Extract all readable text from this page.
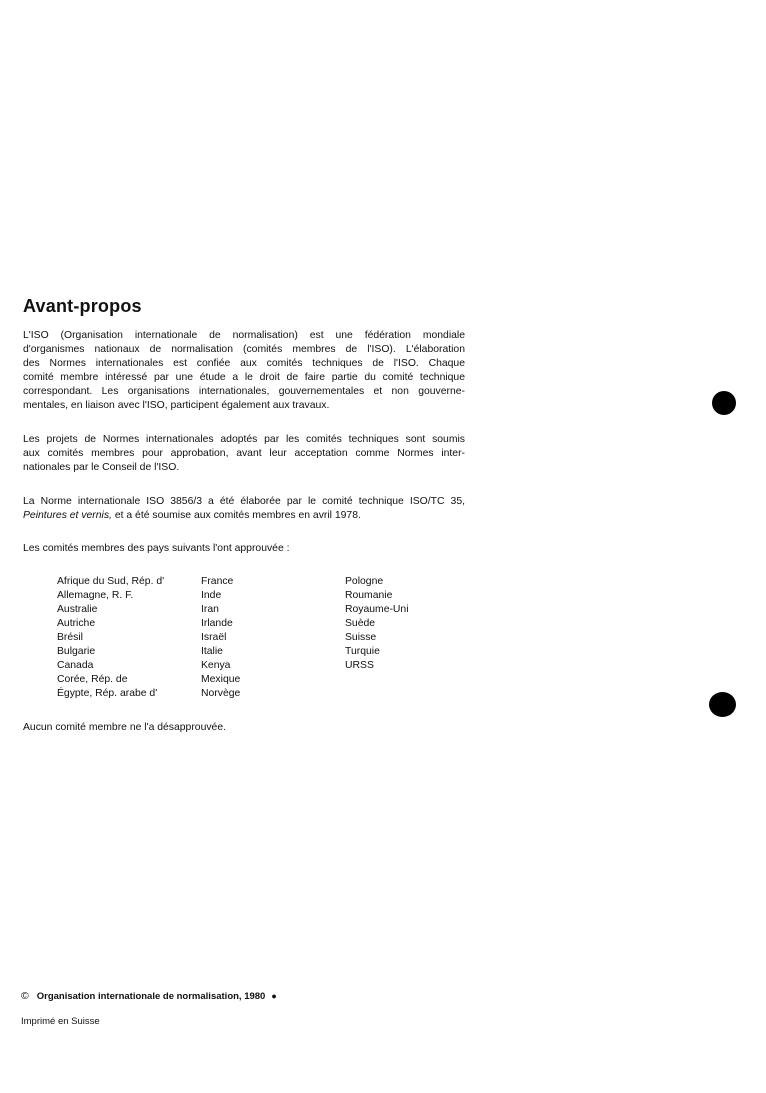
Avant-propos

L'ISO (Organisation internationale de normalisation) est une fédération mondiale
d'organismes nationaux de normalisation (comités membres de l'ISO). L'élaboration
des Normes internationales est confiée aux comités techniques de l'ISO. Chaque
comité membre intéressé par une étude a le droit de faire partie du comité technique
correspondant. Les organisations internationales, gouvernementales et non gouverne-
mentales, en liaison avec l'ISO, participent également aux travaux.

Les projets de Normes internationales adoptés par les comités techniques sont soumis
aux comités membres pour approbation, avant leur acceptation comme Normes inter-
nationales par le Conseil de l'ISO.

La Norme internationale ISO 3856/3 a été élaborée par le comité technique ISO/TC 35,
Peintures et vernis, et a été soumise aux comités membres en avril 1978.

Les comités membres des pays suivants l'ont approuvée :

Afrique du Sud, Rép. d'
Allemagne, R. F.
Australie
Autriche
Brésil
Bulgarie
Canada
Corée, Rép. de
Égypte, Rép. arabe d'
France
Inde
Iran
Irlande
Israël
Italie
Kenya
Mexique
Norvège
Pologne
Roumanie
Royaume-Uni
Suède
Suisse
Turquie
URSS

Aucun comité membre ne l'a désapprouvée.

© Organisation internationale de normalisation, 1980 ●

Imprimé en Suisse
